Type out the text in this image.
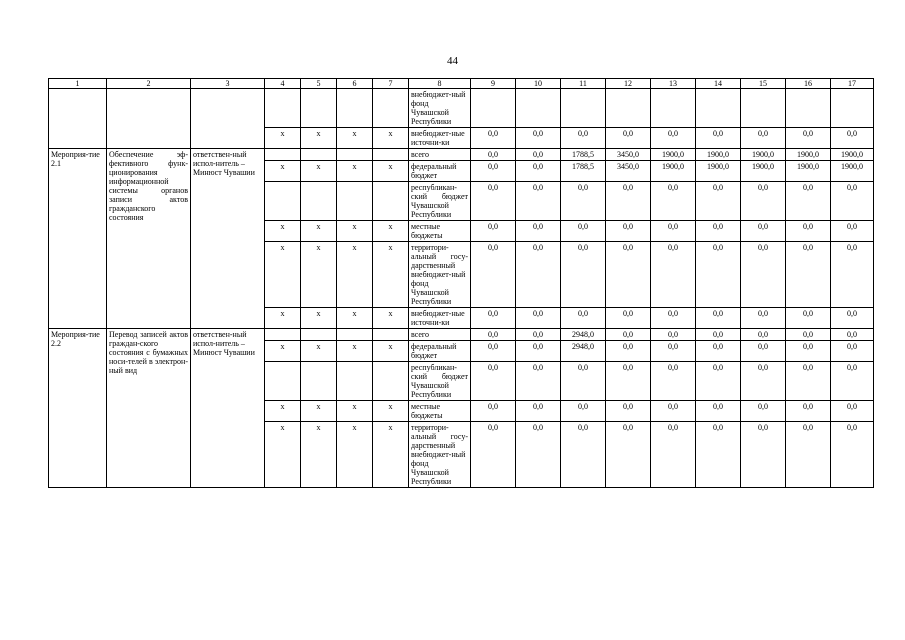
44
1	2	3	4	5	6	7	8	9	10	11	12	13	14	15	16	17
							внебюджет-ный фонд Чувашской Республики									
			x	x	x	x	внебюджет-ные источни-ки	0,0	0,0	0,0	0,0	0,0	0,0	0,0	0,0	0,0
Мероприя-тие 2.1	Обеспечение эф-фективного функ-ционирования информационной системы органов записи актов гражданского состояния	ответствен-ный испол-нитель – Минюст Чувашии					всего	0,0	0,0	1788,5	3450,0	1900,0	1900,0	1900,0	1900,0	1900,0
			x	x	x	x	федеральный бюджет	0,0	0,0	1788,5	3450,0	1900,0	1900,0	1900,0	1900,0	1900,0
							республикан-ский бюджет Чувашской Республики	0,0	0,0	0,0	0,0	0,0	0,0	0,0	0,0	0,0
			x	x	x	x	местные бюджеты	0,0	0,0	0,0	0,0	0,0	0,0	0,0	0,0	0,0
			x	x	x	x	территори-альный госу-дарственный внебюджет-ный фонд Чувашской Республики	0,0	0,0	0,0	0,0	0,0	0,0	0,0	0,0	0,0
			x	x	x	x	внебюджет-ные источни-ки	0,0	0,0	0,0	0,0	0,0	0,0	0,0	0,0	0,0
Мероприя-тие 2.2	Перевод записей актов граждан-ского состояния с бумажных носи-телей в электрон-ный вид	ответствен-ный испол-нитель – Минюст Чувашии					всего	0,0	0,0	2948,0	0,0	0,0	0,0	0,0	0,0	0,0
			x	x	x	x	федеральный бюджет	0,0	0,0	2948,0	0,0	0,0	0,0	0,0	0,0	0,0
							республикан-ский бюджет Чувашской Республики	0,0	0,0	0,0	0,0	0,0	0,0	0,0	0,0	0,0
			x	x	x	x	местные бюджеты	0,0	0,0	0,0	0,0	0,0	0,0	0,0	0,0	0,0
			x	x	x	x	территори-альный госу-дарственный внебюджет-ный фонд Чувашской Республики	0,0	0,0	0,0	0,0	0,0	0,0	0,0	0,0	0,0
